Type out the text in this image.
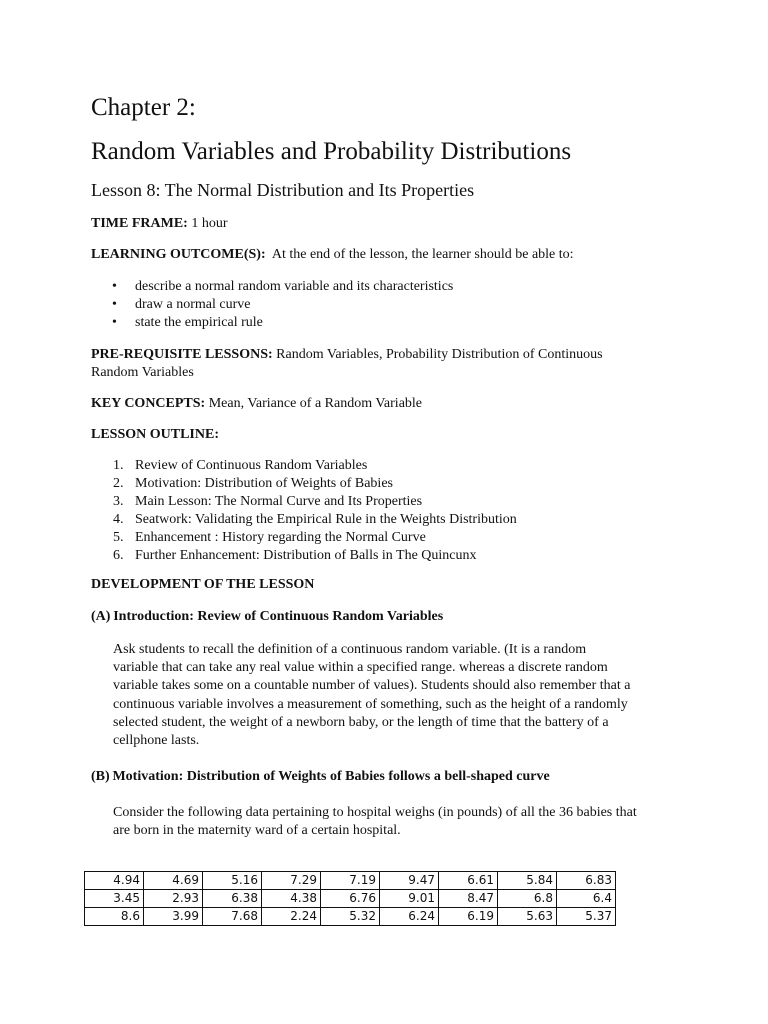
Chapter 2:
Random Variables and Probability Distributions
Lesson 8: The Normal Distribution and Its Properties
TIME FRAME: 1 hour
LEARNING OUTCOME(S): At the end of the lesson, the learner should be able to:
• describe a normal random variable and its characteristics
• draw a normal curve
• state the empirical rule
PRE-REQUISITE LESSONS: Random Variables, Probability Distribution of Continuous
Random Variables
KEY CONCEPTS: Mean, Variance of a Random Variable
LESSON OUTLINE:
1. Review of Continuous Random Variables
2. Motivation: Distribution of Weights of Babies
3. Main Lesson: The Normal Curve and Its Properties
4. Seatwork: Validating the Empirical Rule in the Weights Distribution
5. Enhancement : History regarding the Normal Curve
6. Further Enhancement: Distribution of Balls in The Quincunx
DEVELOPMENT OF THE LESSON
(A) Introduction: Review of Continuous Random Variables
Ask students to recall the definition of a continuous random variable. (It is a random
variable that can take any real value within a specified range. whereas a discrete random
variable takes some on a countable number of values). Students should also remember that a
continuous variable involves a measurement of something, such as the height of a randomly
selected student, the weight of a newborn baby, or the length of time that the battery of a
cellphone lasts.
(B) Motivation: Distribution of Weights of Babies follows a bell-shaped curve
Consider the following data pertaining to hospital weighs (in pounds) of all the 36 babies that
are born in the maternity ward of a certain hospital.
4.94	4.69	5.16	7.29	7.19	9.47	6.61	5.84	6.83
3.45	2.93	6.38	4.38	6.76	9.01	8.47	6.8	6.4
8.6	3.99	7.68	2.24	5.32	6.24	6.19	5.63	5.37
